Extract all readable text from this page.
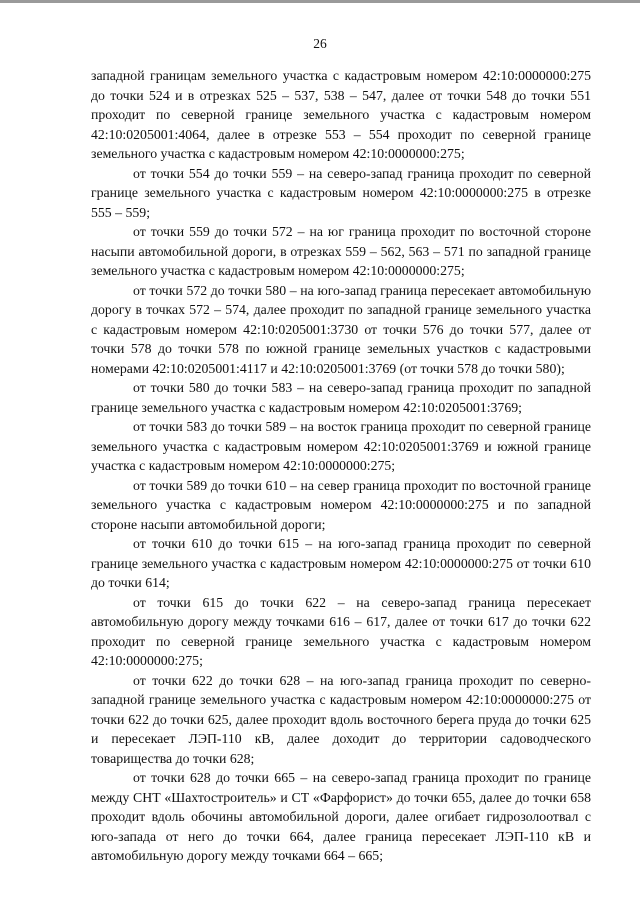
26

западной границам земельного участка с кадастровым номером 42:10:0000000:275 до точки 524 и в отрезках 525 – 537, 538 – 547, далее от точки 548 до точки 551 проходит по северной границе земельного участка с кадастровым номером 42:10:0205001:4064, далее в отрезке 553 – 554 проходит по северной границе земельного участка с кадастровым номером 42:10:0000000:275;

от точки 554 до точки 559 – на северо-запад граница проходит по северной границе земельного участка с кадастровым номером 42:10:0000000:275 в отрезке 555 – 559;

от точки 559 до точки 572 – на юг граница проходит по восточной стороне насыпи автомобильной дороги, в отрезках 559 – 562, 563 – 571 по западной границе земельного участка с кадастровым номером 42:10:0000000:275;

от точки 572 до точки 580 – на юго-запад граница пересекает автомобильную дорогу в точках 572 – 574, далее проходит по западной границе земельного участка с кадастровым номером 42:10:0205001:3730 от точки 576 до точки 577, далее от точки 578 до точки 578 по южной границе земельных участков с кадастровыми номерами 42:10:0205001:4117 и 42:10:0205001:3769 (от точки 578 до точки 580);

от точки 580 до точки 583 – на северо-запад граница проходит по западной границе земельного участка с кадастровым номером 42:10:0205001:3769;

от точки 583 до точки 589 – на восток граница проходит по северной границе земельного участка с кадастровым номером 42:10:0205001:3769 и южной границе участка с кадастровым номером 42:10:0000000:275;

от точки 589 до точки 610 – на север граница проходит по восточной границе земельного участка с кадастровым номером 42:10:0000000:275 и по западной стороне насыпи автомобильной дороги;

от точки 610 до точки 615 – на юго-запад граница проходит по северной границе земельного участка с кадастровым номером 42:10:0000000:275 от точки 610 до точки 614;

от точки 615 до точки 622 – на северо-запад граница пересекает автомобильную дорогу между точками 616 – 617, далее от точки 617 до точки 622 проходит по северной границе земельного участка с кадастровым номером 42:10:0000000:275;

от точки 622 до точки 628 – на юго-запад граница проходит по северно-западной границе земельного участка с кадастровым номером 42:10:0000000:275 от точки 622 до точки 625, далее проходит вдоль восточного берега пруда до точки 625 и пересекает ЛЭП-110 кВ, далее доходит до территории садоводческого товарищества до точки 628;

от точки 628 до точки 665 – на северо-запад граница проходит по границе между СНТ «Шахтостроитель» и СТ «Фарфорист» до точки 655, далее до точки 658 проходит вдоль обочины автомобильной дороги, далее огибает гидрозолоотвал с юго-запада от него до точки 664, далее граница пересекает ЛЭП-110 кВ и автомобильную дорогу между точками 664 – 665;
